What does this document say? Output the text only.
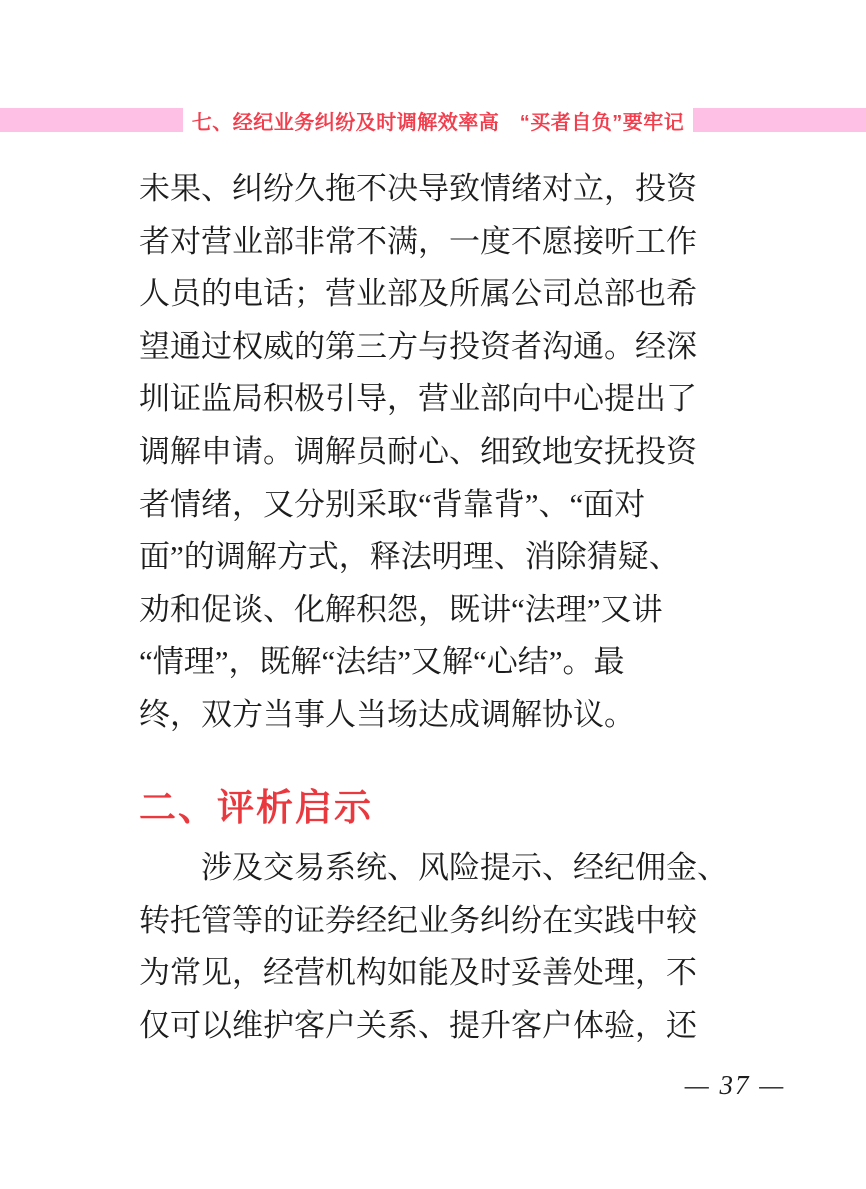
七、经纪业务纠纷及时调解效率高　“买者自负”要牢记
未果、纠纷久拖不决导致情绪对立，投资
者对营业部非常不满，一度不愿接听工作
人员的电话；营业部及所属公司总部也希
望通过权威的第三方与投资者沟通。经深
圳证监局积极引导，营业部向中心提出了
调解申请。调解员耐心、细致地安抚投资
者情绪，又分别采取“背靠背”、“面对
面”的调解方式，释法明理、消除猜疑、
劝和促谈、化解积怨，既讲“法理”又讲
“情理”，既解“法结”又解“心结”。最
终，双方当事人当场达成调解协议。
二、评析启示
　　涉及交易系统、风险提示、经纪佣金、
转托管等的证券经纪业务纠纷在实践中较
为常见，经营机构如能及时妥善处理，不
仅可以维护客户关系、提升客户体验，还
— 37 —
